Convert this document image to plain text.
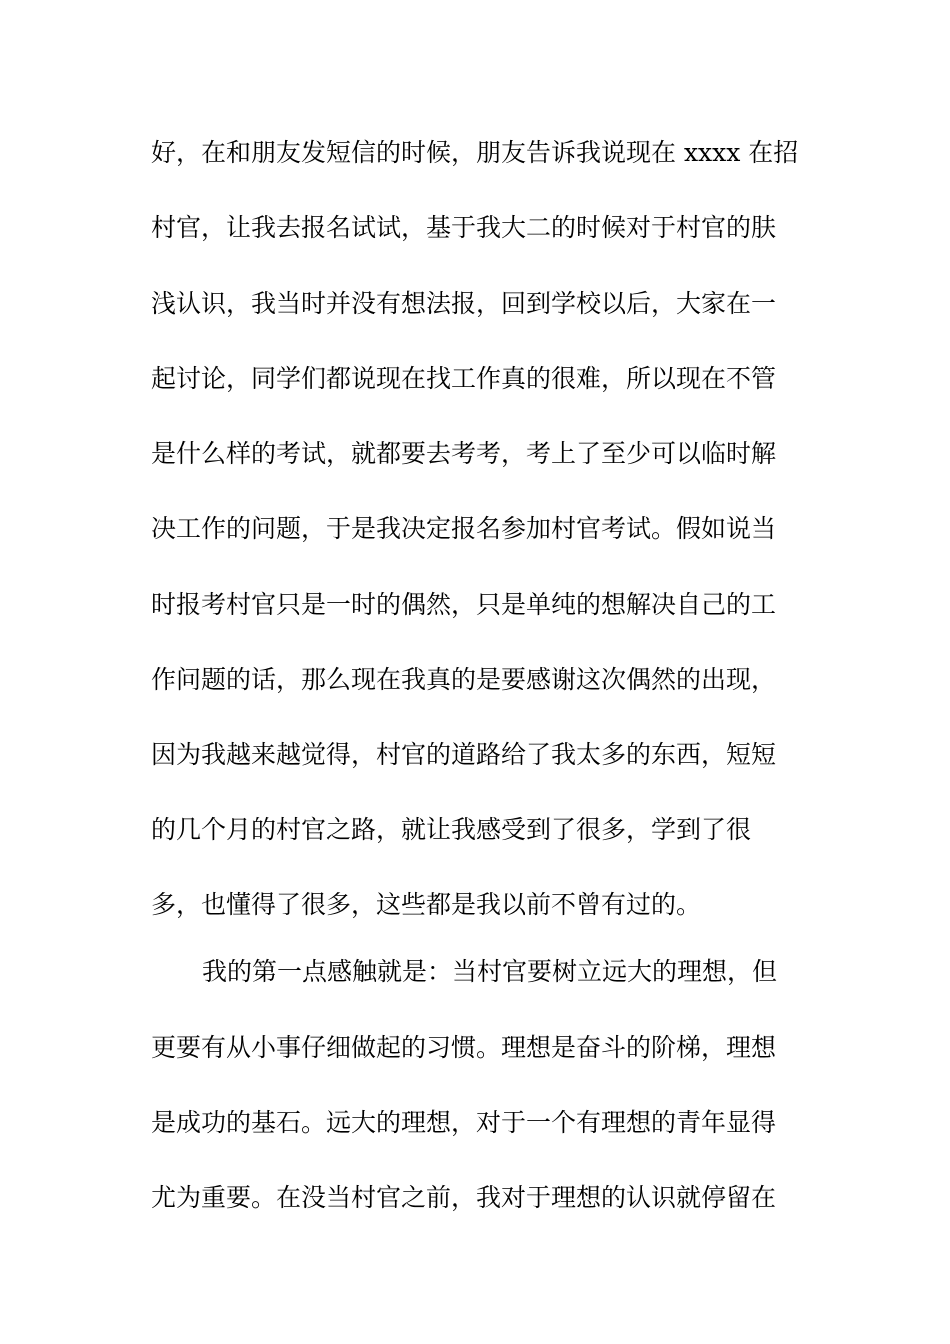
好，在和朋友发短信的时候，朋友告诉我说现在 xxxx 在招
村官，让我去报名试试，基于我大二的时候对于村官的肤
浅认识，我当时并没有想法报，回到学校以后，大家在一
起讨论，同学们都说现在找工作真的很难，所以现在不管
是什么样的考试，就都要去考考，考上了至少可以临时解
决工作的问题，于是我决定报名参加村官考试。假如说当
时报考村官只是一时的偶然，只是单纯的想解决自己的工
作问题的话，那么现在我真的是要感谢这次偶然的出现，
因为我越来越觉得，村官的道路给了我太多的东西，短短
的几个月的村官之路，就让我感受到了很多，学到了很
多，也懂得了很多，这些都是我以前不曾有过的。
我的第一点感触就是：当村官要树立远大的理想，但
更要有从小事仔细做起的习惯。理想是奋斗的阶梯，理想
是成功的基石。远大的理想，对于一个有理想的青年显得
尤为重要。在没当村官之前，我对于理想的认识就停留在
